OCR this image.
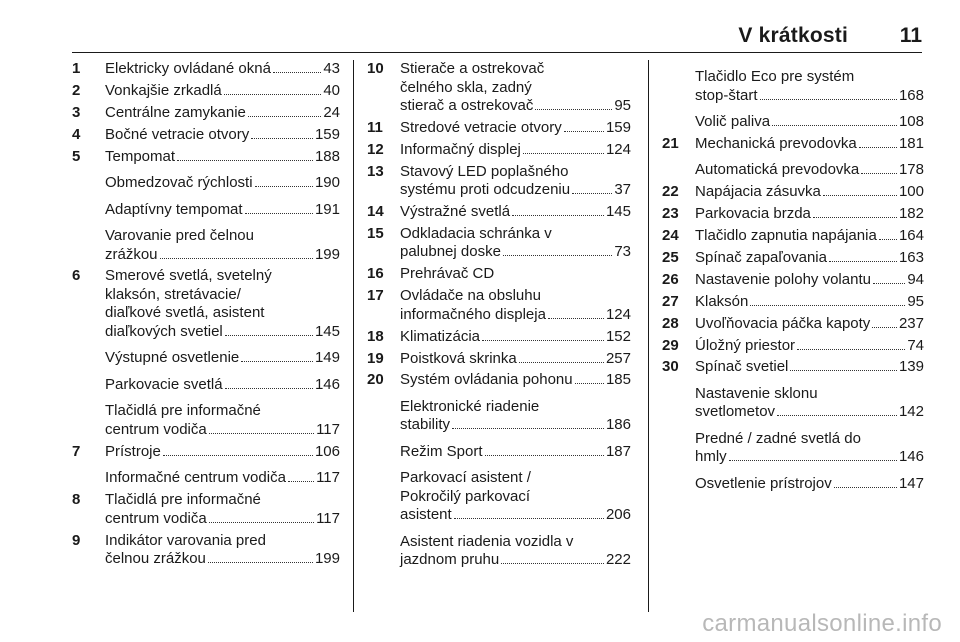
V krátkosti 11
1	Elektricky ovládané okná	43
2	Vonkajšie zrkadlá	40
3	Centrálne zamykanie	24
4	Bočné vetracie otvory	159
5	Tempomat	188
Obmedzovač rýchlosti	190
Adaptívny tempomat	191
Varovanie pred čelnou
zrážkou	199
6	Smerové svetlá, svetelný
klaksón, stretávacie/
diaľkové svetlá, asistent
diaľkových svetiel	145
Výstupné osvetlenie	149
Parkovacie svetlá	146
Tlačidlá pre informačné
centrum vodiča	117
7	Prístroje	106
Informačné centrum vodiča 117
8	Tlačidlá pre informačné
centrum vodiča	117
9	Indikátor varovania pred
čelnou zrážkou	199
10	Stierače a ostrekovač
čelného skla, zadný
stierač a ostrekovač	95
11	Stredové vetracie otvory	159
12	Informačný displej	124
13	Stavový LED poplašného
systému proti odcudzeniu	37
14	Výstražné svetlá	145
15	Odkladacia schránka v
palubnej doske	73
16	Prehrávač CD
17	Ovládače na obsluhu
informačného displeja	124
18	Klimatizácia	152
19	Poistková skrinka	257
20	Systém ovládania pohonu 185
Elektronické riadenie
stability	186
Režim Sport	187
Parkovací asistent /
Pokročilý parkovací
asistent	206
Asistent riadenia vozidla v
jazdnom pruhu	222
Tlačidlo Eco pre systém
stop-štart	168
Volič paliva	108
21	Mechanická prevodovka	181
Automatická prevodovka	178
22	Napájacia zásuvka	100
23	Parkovacia brzda	182
24	Tlačidlo zapnutia napájania 164
25	Spínač zapaľovania	163
26	Nastavenie polohy volantu 94
27	Klaksón	95
28	Uvoľňovacia páčka kapoty 237
29	Úložný priestor	74
30	Spínač svetiel	139
Nastavenie sklonu
svetlometov	142
Predné / zadné svetlá do
hmly	146
Osvetlenie prístrojov	147
carmanualsonline.info
